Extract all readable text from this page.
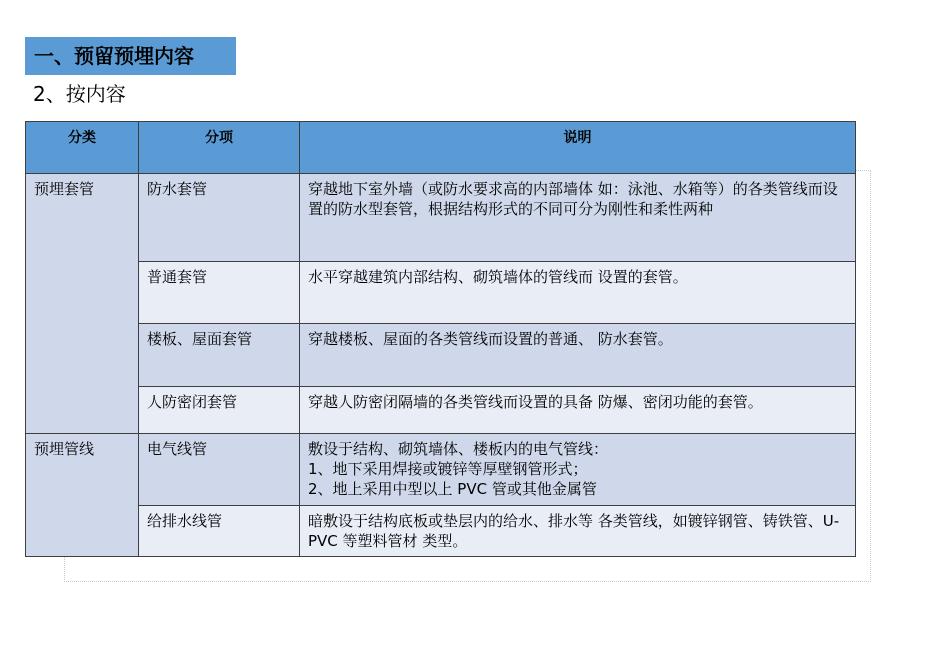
一、预留预埋内容
2、按内容
分类	分项	说明
预埋套管	防水套管	穿越地下室外墙（或防水要求高的内部墙体 如：泳池、水箱等）的各类管线而设置的防水型套管，根据结构形式的不同可分为刚性和柔性两种
	普通套管	水平穿越建筑内部结构、砌筑墙体的管线而 设置的套管。
	楼板、屋面套管	穿越楼板、屋面的各类管线而设置的普通、 防水套管。
	人防密闭套管	穿越人防密闭隔墙的各类管线而设置的具备 防爆、密闭功能的套管。
预埋管线	电气线管	敷设于结构、砌筑墙体、楼板内的电气管线：
1、地下采用焊接或镀锌等厚壁钢管形式；
2、地上采用中型以上 PVC 管或其他金属管

	给排水线管	暗敷设于结构底板或垫层内的给水、排水等 各类管线，如镀锌钢管、铸铁管、U-PVC 等塑料管材 类型。
